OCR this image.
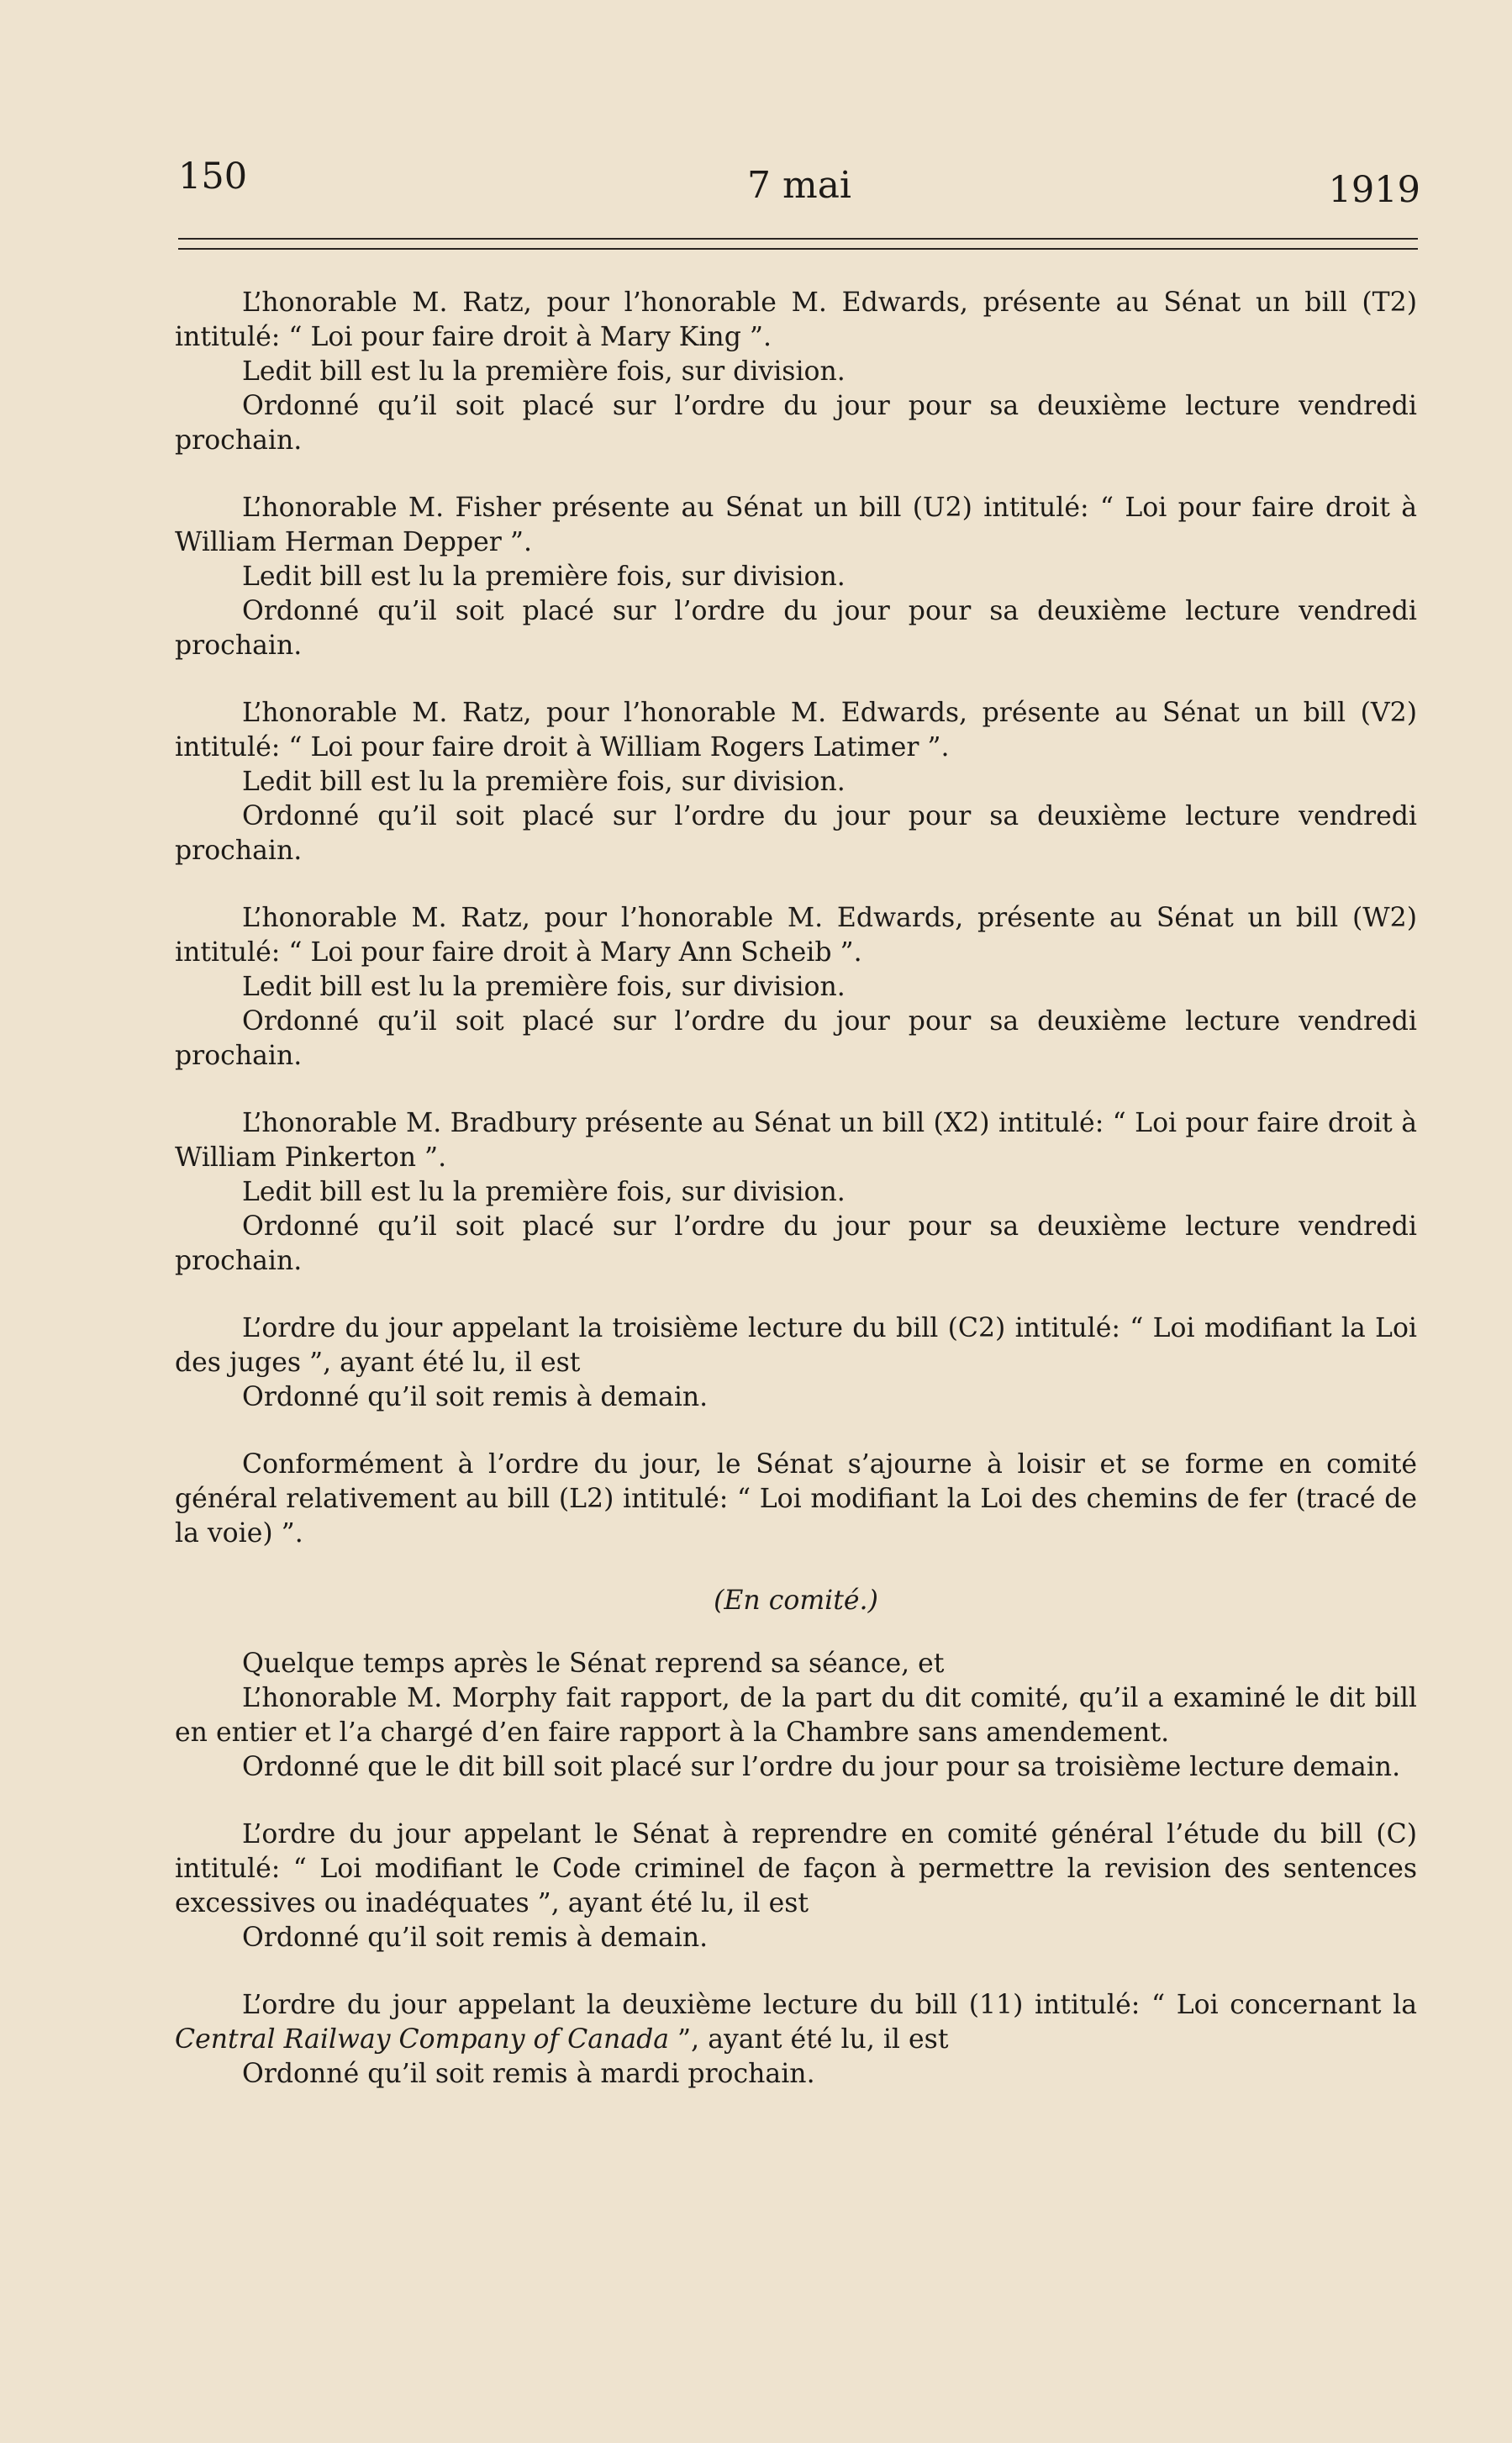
150	7 mai	1919

L’honorable M. Ratz, pour l’honorable M. Edwards, présente au Sénat un bill (T2) intitulé: “ Loi pour faire droit à Mary King ”.

Ledit bill est lu la première fois, sur division.

Ordonné qu’il soit placé sur l’ordre du jour pour sa deuxième lecture vendredi prochain.

L’honorable M. Fisher présente au Sénat un bill (U2) intitulé: “ Loi pour faire droit à William Herman Depper ”.

Ledit bill est lu la première fois, sur division.

Ordonné qu’il soit placé sur l’ordre du jour pour sa deuxième lecture vendredi prochain.

L’honorable M. Ratz, pour l’honorable M. Edwards, présente au Sénat un bill (V2) intitulé: “ Loi pour faire droit à William Rogers Latimer ”.

Ledit bill est lu la première fois, sur division.

Ordonné qu’il soit placé sur l’ordre du jour pour sa deuxième lecture vendredi prochain.

L’honorable M. Ratz, pour l’honorable M. Edwards, présente au Sénat un bill (W2) intitulé: “ Loi pour faire droit à Mary Ann Scheib ”.

Ledit bill est lu la première fois, sur division.

Ordonné qu’il soit placé sur l’ordre du jour pour sa deuxième lecture vendredi prochain.

L’honorable M. Bradbury présente au Sénat un bill (X2) intitulé: “ Loi pour faire droit à William Pinkerton ”.

Ledit bill est lu la première fois, sur division.

Ordonné qu’il soit placé sur l’ordre du jour pour sa deuxième lecture vendredi prochain.

L’ordre du jour appelant la troisième lecture du bill (C2) intitulé: “ Loi modifiant la Loi des juges ”, ayant été lu, il est

Ordonné qu’il soit remis à demain.

Conformément à l’ordre du jour, le Sénat s’ajourne à loisir et se forme en comité général relativement au bill (L2) intitulé: “ Loi modifiant la Loi des chemins de fer (tracé de la voie) ”.

(En comité.)

Quelque temps après le Sénat reprend sa séance, et

L’honorable M. Morphy fait rapport, de la part du dit comité, qu’il a examiné le dit bill en entier et l’a chargé d’en faire rapport à la Chambre sans amendement.

Ordonné que le dit bill soit placé sur l’ordre du jour pour sa troisième lecture demain.

L’ordre du jour appelant le Sénat à reprendre en comité général l’étude du bill (C) intitulé: “ Loi modifiant le Code criminel de façon à permettre la revision des sentences excessives ou inadéquates ”, ayant été lu, il est

Ordonné qu’il soit remis à demain.

L’ordre du jour appelant la deuxième lecture du bill (11) intitulé: “ Loi concernant la Central Railway Company of Canada ”, ayant été lu, il est

Ordonné qu’il soit remis à mardi prochain.
